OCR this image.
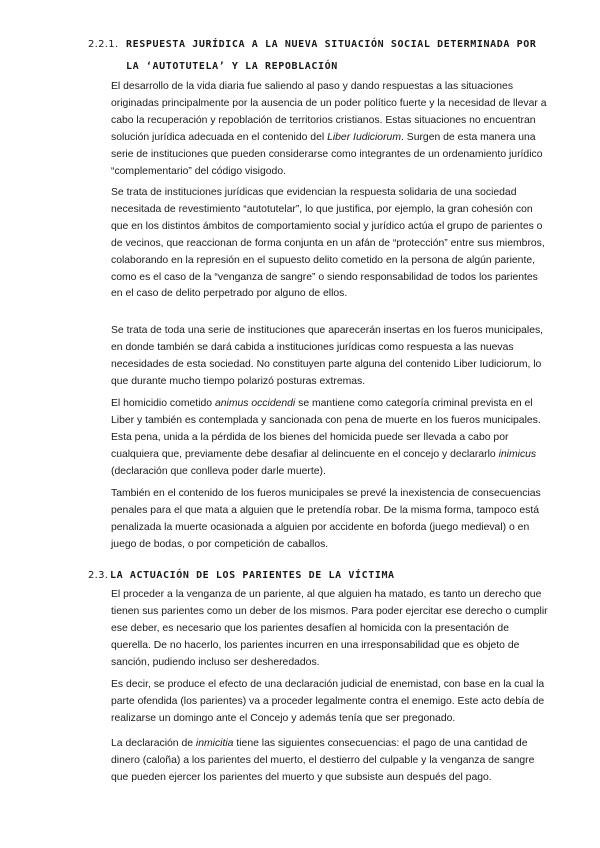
2.2.1. RESPUESTA JURÍDICA A LA NUEVA SITUACIÓN SOCIAL DETERMINADA POR LA ‘AUTOTUTELA’ Y LA REPOBLACIÓN

El desarrollo de la vida diaria fue saliendo al paso y dando respuestas a las situaciones originadas principalmente por la ausencia de un poder político fuerte y la necesidad de llevar a cabo la recuperación y repoblación de territorios cristianos. Estas situaciones no encuentran solución jurídica adecuada en el contenido del Liber Iudiciorum. Surgen de esta manera una serie de instituciones que pueden considerarse como integrantes de un ordenamiento jurídico “complementario” del código visigodo.

Se trata de instituciones jurídicas que evidencian la respuesta solidaria de una sociedad necesitada de revestimiento “autotutelar”, lo que justifica, por ejemplo, la gran cohesión con que en los distintos ámbitos de comportamiento social y jurídico actúa el grupo de parientes o de vecinos, que reaccionan de forma conjunta en un afán de “protección” entre sus miembros, colaborando en la represión en el supuesto delito cometido en la persona de algún pariente, como es el caso de la “venganza de sangre” o siendo responsabilidad de todos los parientes en el caso de delito perpetrado por alguno de ellos.

Se trata de toda una serie de instituciones que aparecerán insertas en los fueros municipales, en donde también se dará cabida a instituciones jurídicas como respuesta a las nuevas necesidades de esta sociedad. No constituyen parte alguna del contenido Liber Iudiciorum, lo que durante mucho tiempo polarizó posturas extremas.

El homicidio cometido animus occidendi se mantiene como categoría criminal prevista en el Liber y también es contemplada y sancionada con pena de muerte en los fueros municipales. Esta pena, unida a la pérdida de los bienes del homicida puede ser llevada a cabo por cualquiera que, previamente debe desafiar al delincuente en el concejo y declararlo inimicus (declaración que conlleva poder darle muerte).

También en el contenido de los fueros municipales se prevé la inexistencia de consecuencias penales para el que mata a alguien que le pretendía robar. De la misma forma, tampoco está penalizada la muerte ocasionada a alguien por accidente en boforda (juego medieval) o en juego de bodas, o por competición de caballos.

2.3. LA ACTUACIÓN DE LOS PARIENTES DE LA VÍCTIMA

El proceder a la venganza de un pariente, al que alguien ha matado, es tanto un derecho que tienen sus parientes como un deber de los mismos. Para poder ejercitar ese derecho o cumplir ese deber, es necesario que los parientes desafíen al homicida con la presentación de querella. De no hacerlo, los parientes incurren en una irresponsabilidad que es objeto de sanción, pudiendo incluso ser desheredados.

Es decir, se produce el efecto de una declaración judicial de enemistad, con base en la cual la parte ofendida (los parientes) va a proceder legalmente contra el enemigo. Este acto debía de realizarse un domingo ante el Concejo y además tenía que ser pregonado.

La declaración de inmicitia tiene las siguientes consecuencias: el pago de una cantidad de dinero (caloña) a los parientes del muerto, el destierro del culpable y la venganza de sangre que pueden ejercer los parientes del muerto y que subsiste aun después del pago.
